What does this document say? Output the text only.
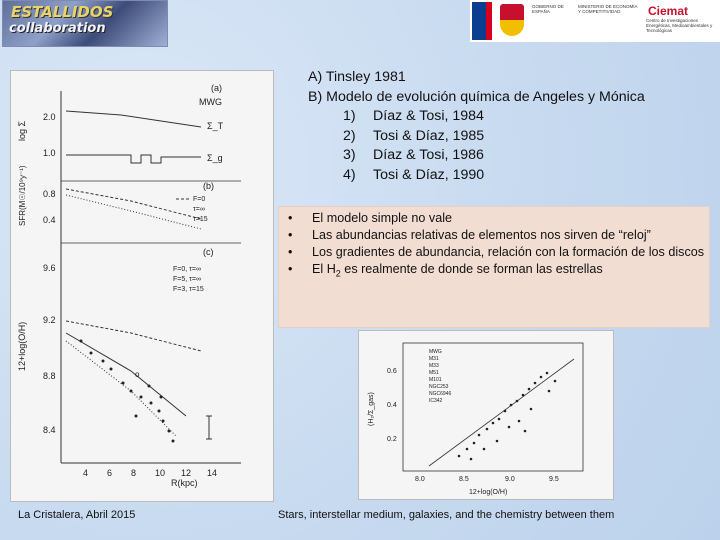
ESTALLIDOS
collaboration
GOBIERNO DE ESPAÑA
MINISTERIO DE ECONOMÍA Y COMPETITIVIDAD	Ciemat
Centro de Investigaciones Energéticas, Medioambientales y Tecnológicas
(a)
MWG
log Σ
2.0
1.0
Σ_T
Σ_g
(b)
SFR(M☉/10⁹y⁻¹) 0.8
0.4
F=0
τ=∞
τ=15
(c)
12+log(O/H)
9.6
9.2
8.8
8.4
F=0, τ=∞
F=5, τ=∞
F=3, τ=15
o
4 6 8 10 12 14
R(kpc)
A) Tinsley 1981
B) Modelo de evolución química de Angeles y Mónica
1) Díaz & Tosi, 1984
2) Tosi & Díaz, 1985
3) Díaz & Tosi, 1986
4) Tosi & Díaz, 1990
• El modelo simple no vale
• Las abundancias relativas de elementos nos sirven de “reloj”
• Los gradientes de abundancia, relación con la formación de los discos
• El $H_2$ es realmente de donde se forman las estrellas
(H₂/Σ_gas)
0.6
0.4
0.2
8.0	8.5	9.0	9.5
12+log(O/H)
MWG
M31
M33
M51
M101
NGC253
NGC6946
IC342
La Cristalera, Abril 2015	Stars, interstellar medium, galaxies, and the chemistry between them
